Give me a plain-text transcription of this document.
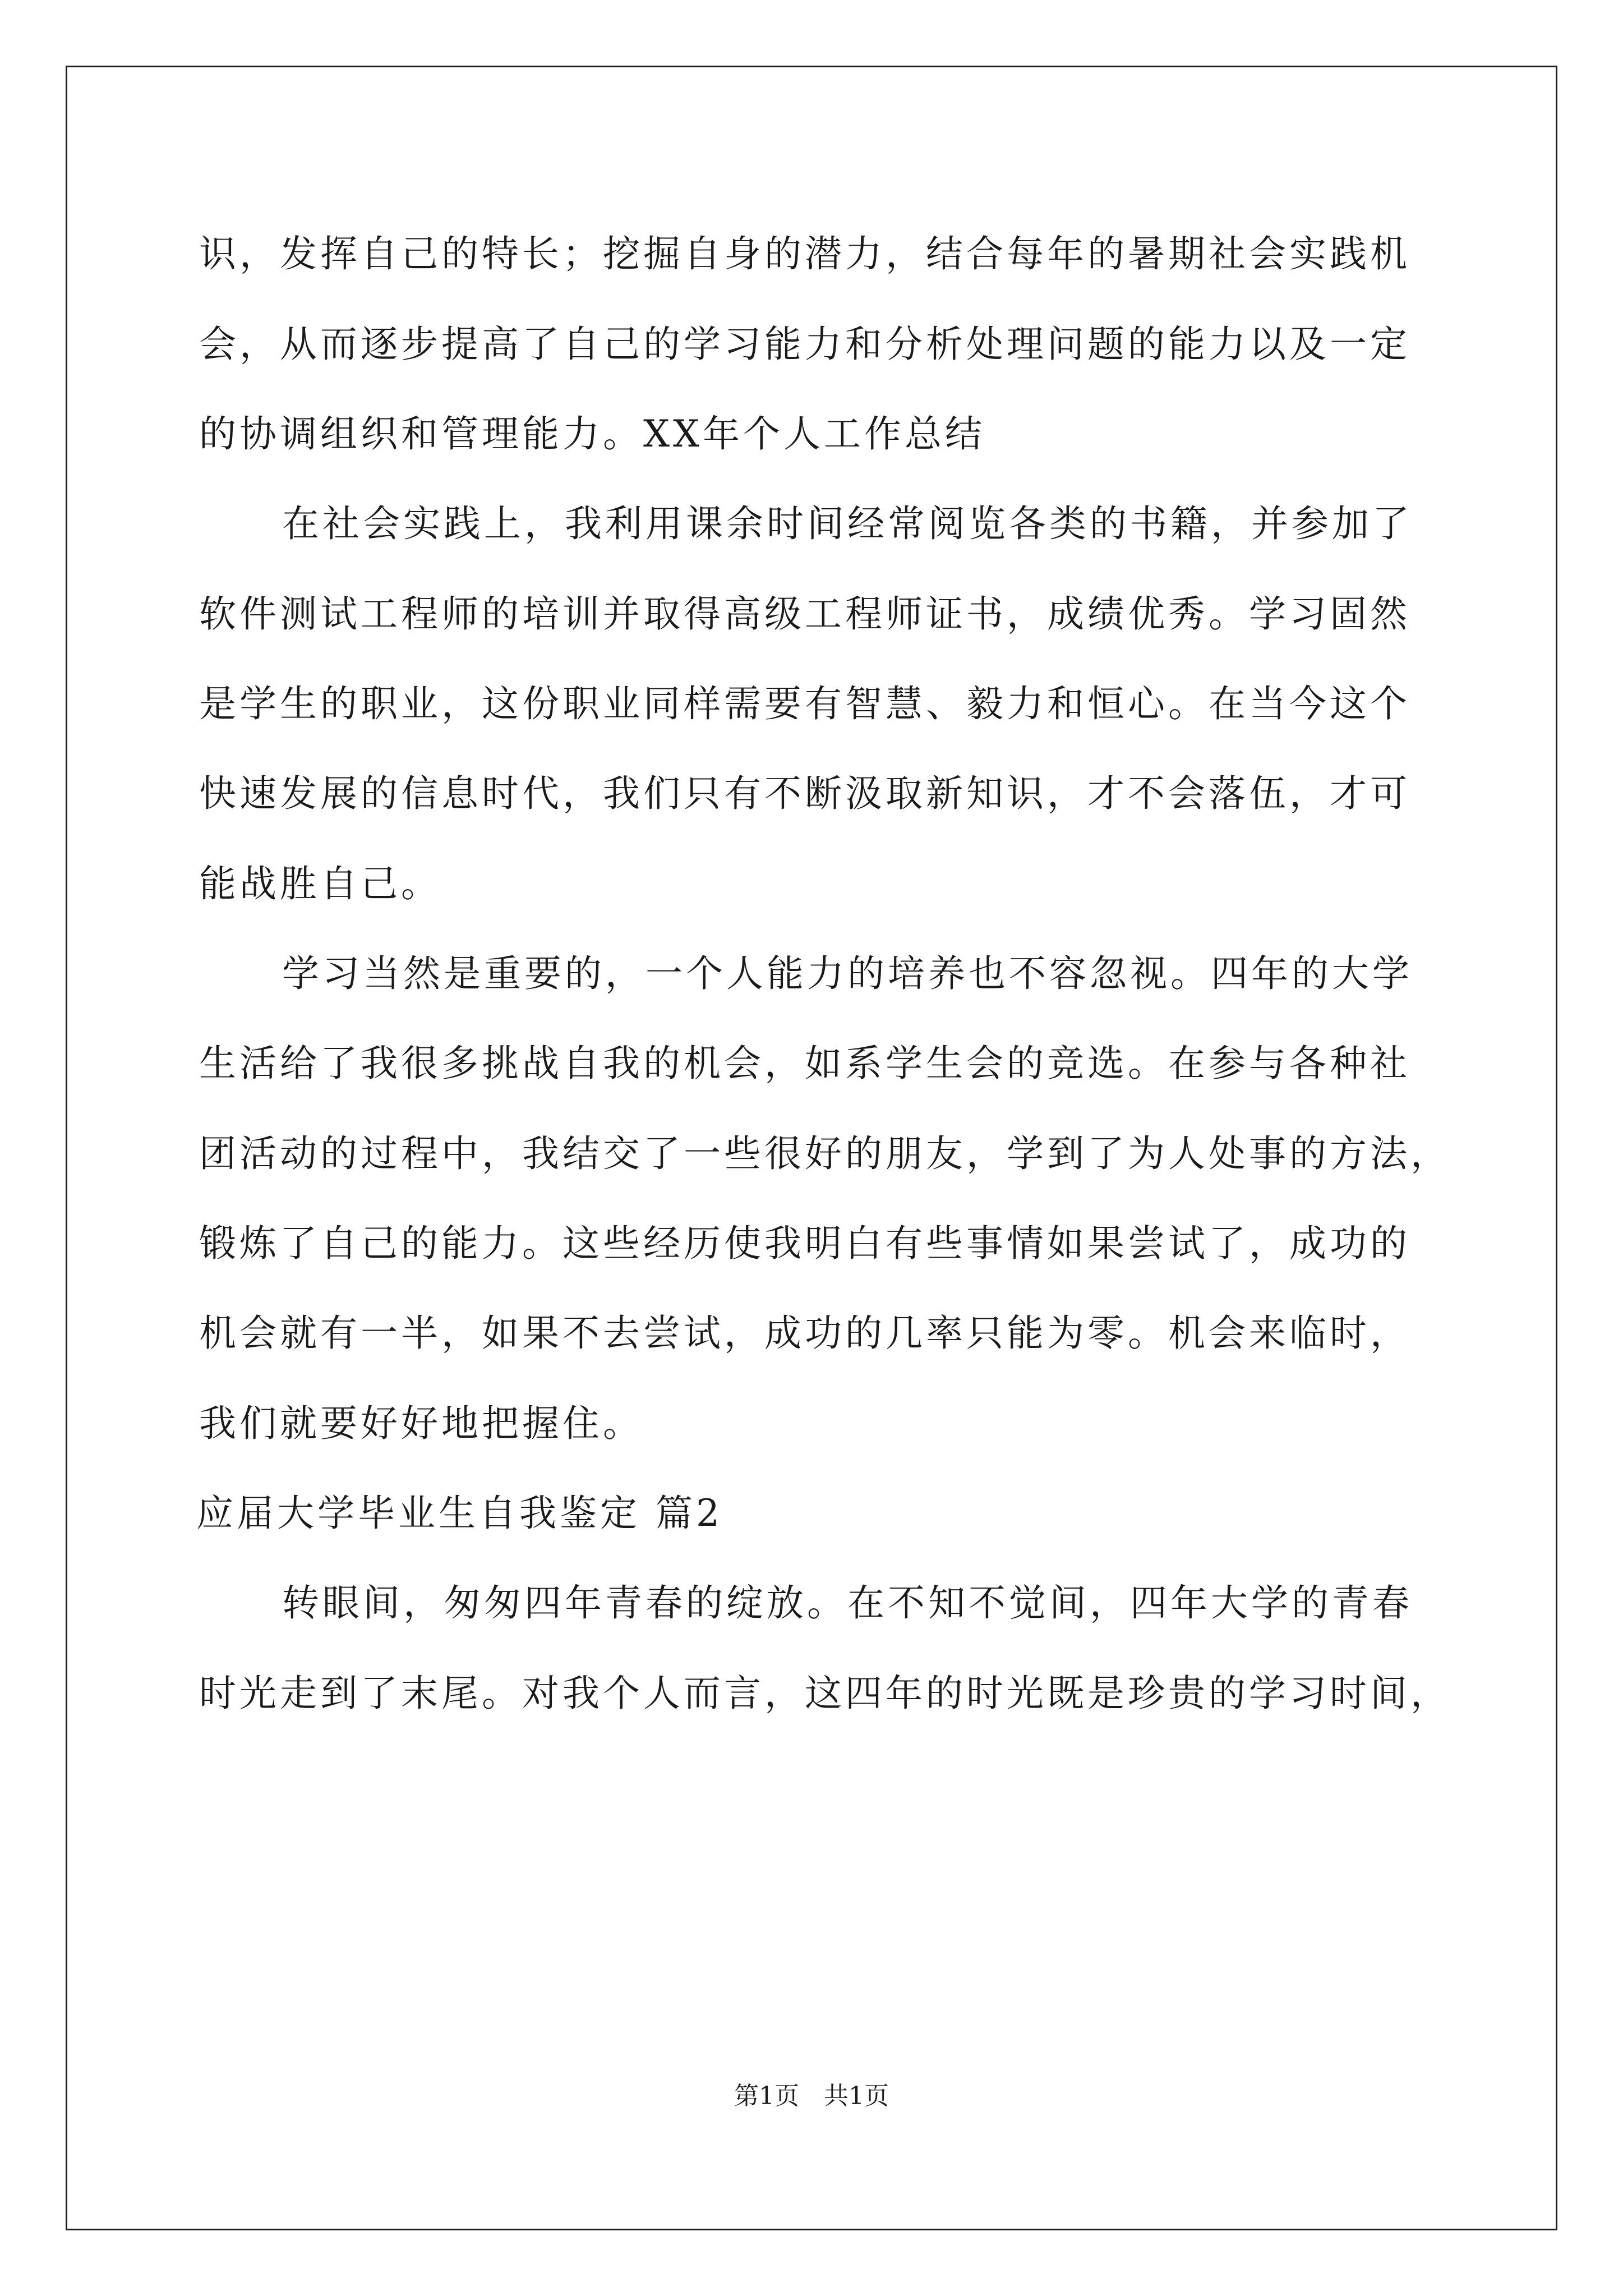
识，发挥自己的特长；挖掘自身的潜力，结合每年的暑期社会实践机
会，从而逐步提高了自己的学习能力和分析处理问题的能力以及一定
的协调组织和管理能力。XX年个人工作总结
在社会实践上，我利用课余时间经常阅览各类的书籍，并参加了
软件测试工程师的培训并取得高级工程师证书，成绩优秀。学习固然
是学生的职业，这份职业同样需要有智慧、毅力和恒心。在当今这个
快速发展的信息时代，我们只有不断汲取新知识，才不会落伍，才可
能战胜自己。
学习当然是重要的，一个人能力的培养也不容忽视。四年的大学
生活给了我很多挑战自我的机会，如系学生会的竞选。在参与各种社
团活动的过程中，我结交了一些很好的朋友，学到了为人处事的方法，
锻炼了自己的能力。这些经历使我明白有些事情如果尝试了，成功的
机会就有一半，如果不去尝试，成功的几率只能为零。机会来临时，
我们就要好好地把握住。
应届大学毕业生自我鉴定 篇2
转眼间，匆匆四年青春的绽放。在不知不觉间，四年大学的青春
时光走到了末尾。对我个人而言，这四年的时光既是珍贵的学习时间，
第1页　共1页
